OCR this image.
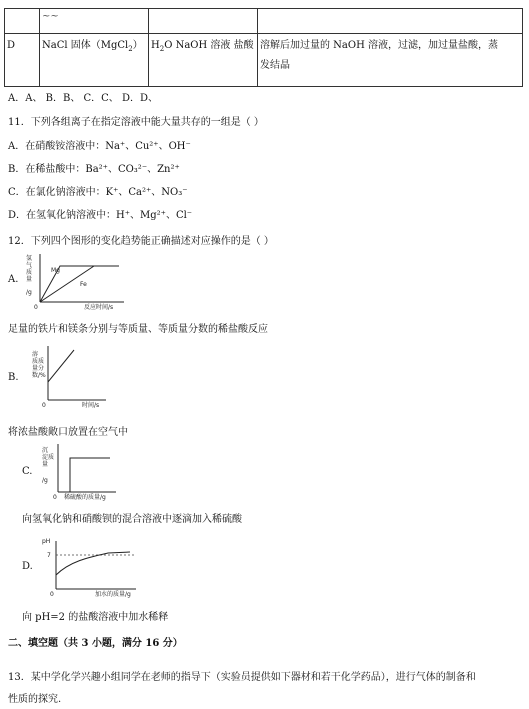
	~~		
D	NaCl 固体（MgCl$_2$）	$H_2O$ NaOH 溶液 盐酸	溶解后加过量的 NaOH 溶液，过滤，加过量盐酸，蒸
发结晶
A．A、 B．B、 C．C、 D．D、
11．下列各组离子在指定溶液中能大量共存的一组是（ ）
A．在硝酸铵溶液中：Na⁺、Cu²⁺、OH⁻
B．在稀盐酸中：Ba²⁺、CO₃²⁻、Zn²⁺
C．在氯化钠溶液中：K⁺、Ca²⁺、NO₃⁻
D．在氢氧化钠溶液中：H⁺、Mg²⁺、Cl⁻
12．下列四个图形的变化趋势能正确描述对应操作的是（ ）
A.
氢
气
质
量
/g
Mg
Fe
0	反应时间/s
足量的铁片和镁条分别与等质量、等质量分数的稀盐酸反应
B.
溶
质质
量分
数/%
0	时间/s
将浓盐酸敞口放置在空气中
C.
沉
淀质
量
/g
0 稀硫酸的质量/g
向氢氧化钠和硝酸钡的混合溶液中逐滴加入稀硫酸
D.
pH
7
0	加水的质量/g
向 pH=2 的盐酸溶液中加水稀释
二、填空题（共 3 小题，满分 16 分）
13．某中学化学兴趣小组同学在老师的指导下（实验员提供如下器材和若干化学药品），进行气体的制备和
性质的探究.
